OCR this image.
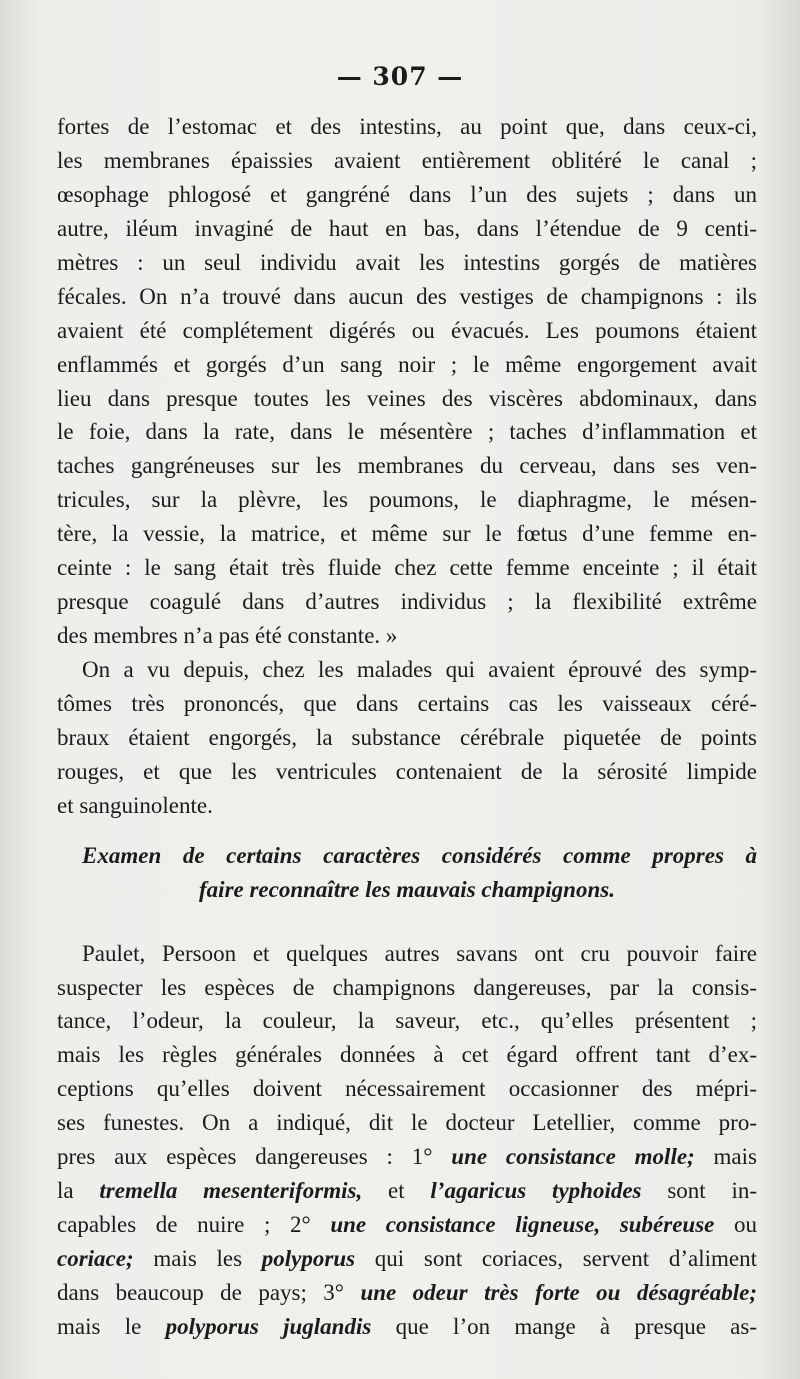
— 307 —
fortes de l’estomac et des intestins, au point que, dans ceux-ci,
les membranes épaissies avaient entièrement oblitéré le canal ;
œsophage phlogosé et gangréné dans l’un des sujets ; dans un
autre, iléum invaginé de haut en bas, dans l’étendue de 9 centi-
mètres : un seul individu avait les intestins gorgés de matières
fécales. On n’a trouvé dans aucun des vestiges de champignons : ils
avaient été complétement digérés ou évacués. Les poumons étaient
enflammés et gorgés d’un sang noir ; le même engorgement avait
lieu dans presque toutes les veines des viscères abdominaux, dans
le foie, dans la rate, dans le mésentère ; taches d’inflammation et
taches gangréneuses sur les membranes du cerveau, dans ses ven-
tricules, sur la plèvre, les poumons, le diaphragme, le mésen-
tère, la vessie, la matrice, et même sur le fœtus d’une femme en-
ceinte : le sang était très fluide chez cette femme enceinte ; il était
presque coagulé dans d’autres individus ; la flexibilité extrême
des membres n’a pas été constante. »
On a vu depuis, chez les malades qui avaient éprouvé des symp-
tômes très prononcés, que dans certains cas les vaisseaux céré-
braux étaient engorgés, la substance cérébrale piquetée de points
rouges, et que les ventricules contenaient de la sérosité limpide
et sanguinolente.
Examen de certains caractères considérés comme propres à
faire reconnaître les mauvais champignons.
Paulet, Persoon et quelques autres savans ont cru pouvoir faire
suspecter les espèces de champignons dangereuses, par la consis-
tance, l’odeur, la couleur, la saveur, etc., qu’elles présentent ;
mais les règles générales données à cet égard offrent tant d’ex-
ceptions qu’elles doivent nécessairement occasionner des mépri-
ses funestes. On a indiqué, dit le docteur Letellier, comme pro-
pres aux espèces dangereuses : 1° une consistance molle; mais
la tremella mesenteriformis, et l’agaricus typhoides sont in-
capables de nuire ; 2° une consistance ligneuse, subéreuse ou
coriace; mais les polyporus qui sont coriaces, servent d’aliment
dans beaucoup de pays; 3° une odeur très forte ou désagréable;
mais le polyporus juglandis que l’on mange à presque as-
